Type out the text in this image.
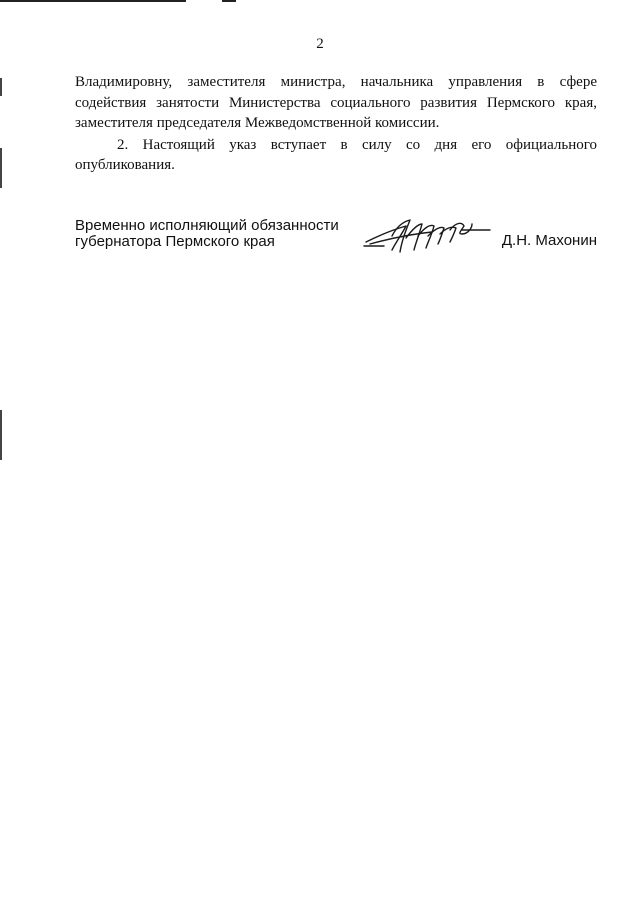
2

Владимировну, заместителя министра, начальника управления в сфере содействия занятости Министерства социального развития Пермского края, заместителя председателя Межведомственной комиссии.

2. Настоящий указ вступает в силу со дня его официального

опубликования.

Временно исполняющий обязанности
губернатора Пермского края	Д.Н. Махонин
